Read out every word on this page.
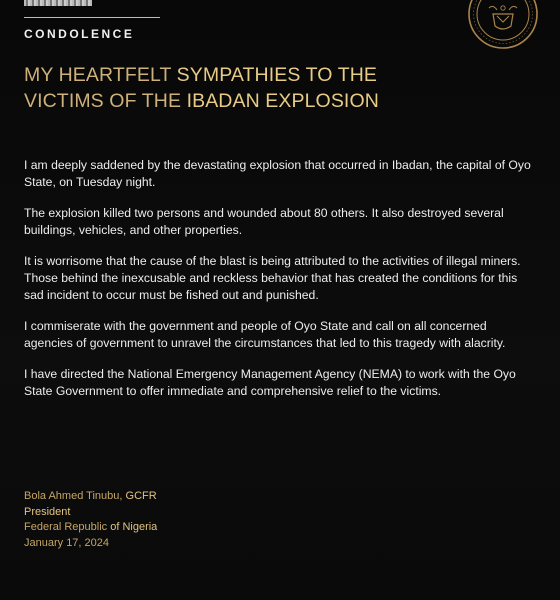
CONDOLENCE
MY HEARTFELT SYMPATHIES TO THE
VICTIMS OF THE IBADAN EXPLOSION

I am deeply saddened by the devastating explosion that occurred in Ibadan, the capital of Oyo State, on Tuesday night.

The explosion killed two persons and wounded about 80 others. It also destroyed several buildings, vehicles, and other properties.

It is worrisome that the cause of the blast is being attributed to the activities of illegal miners. Those behind the inexcusable and reckless behavior that has created the conditions for this sad incident to occur must be fished out and punished.

I commiserate with the government and people of Oyo State and call on all concerned agencies of government to unravel the circumstances that led to this tragedy with alacrity.

I have directed the National Emergency Management Agency (NEMA) to work with the Oyo State Government to offer immediate and comprehensive relief to the victims.

Bola Ahmed Tinubu, GCFR
President
Federal Republic of Nigeria
January 17, 2024
